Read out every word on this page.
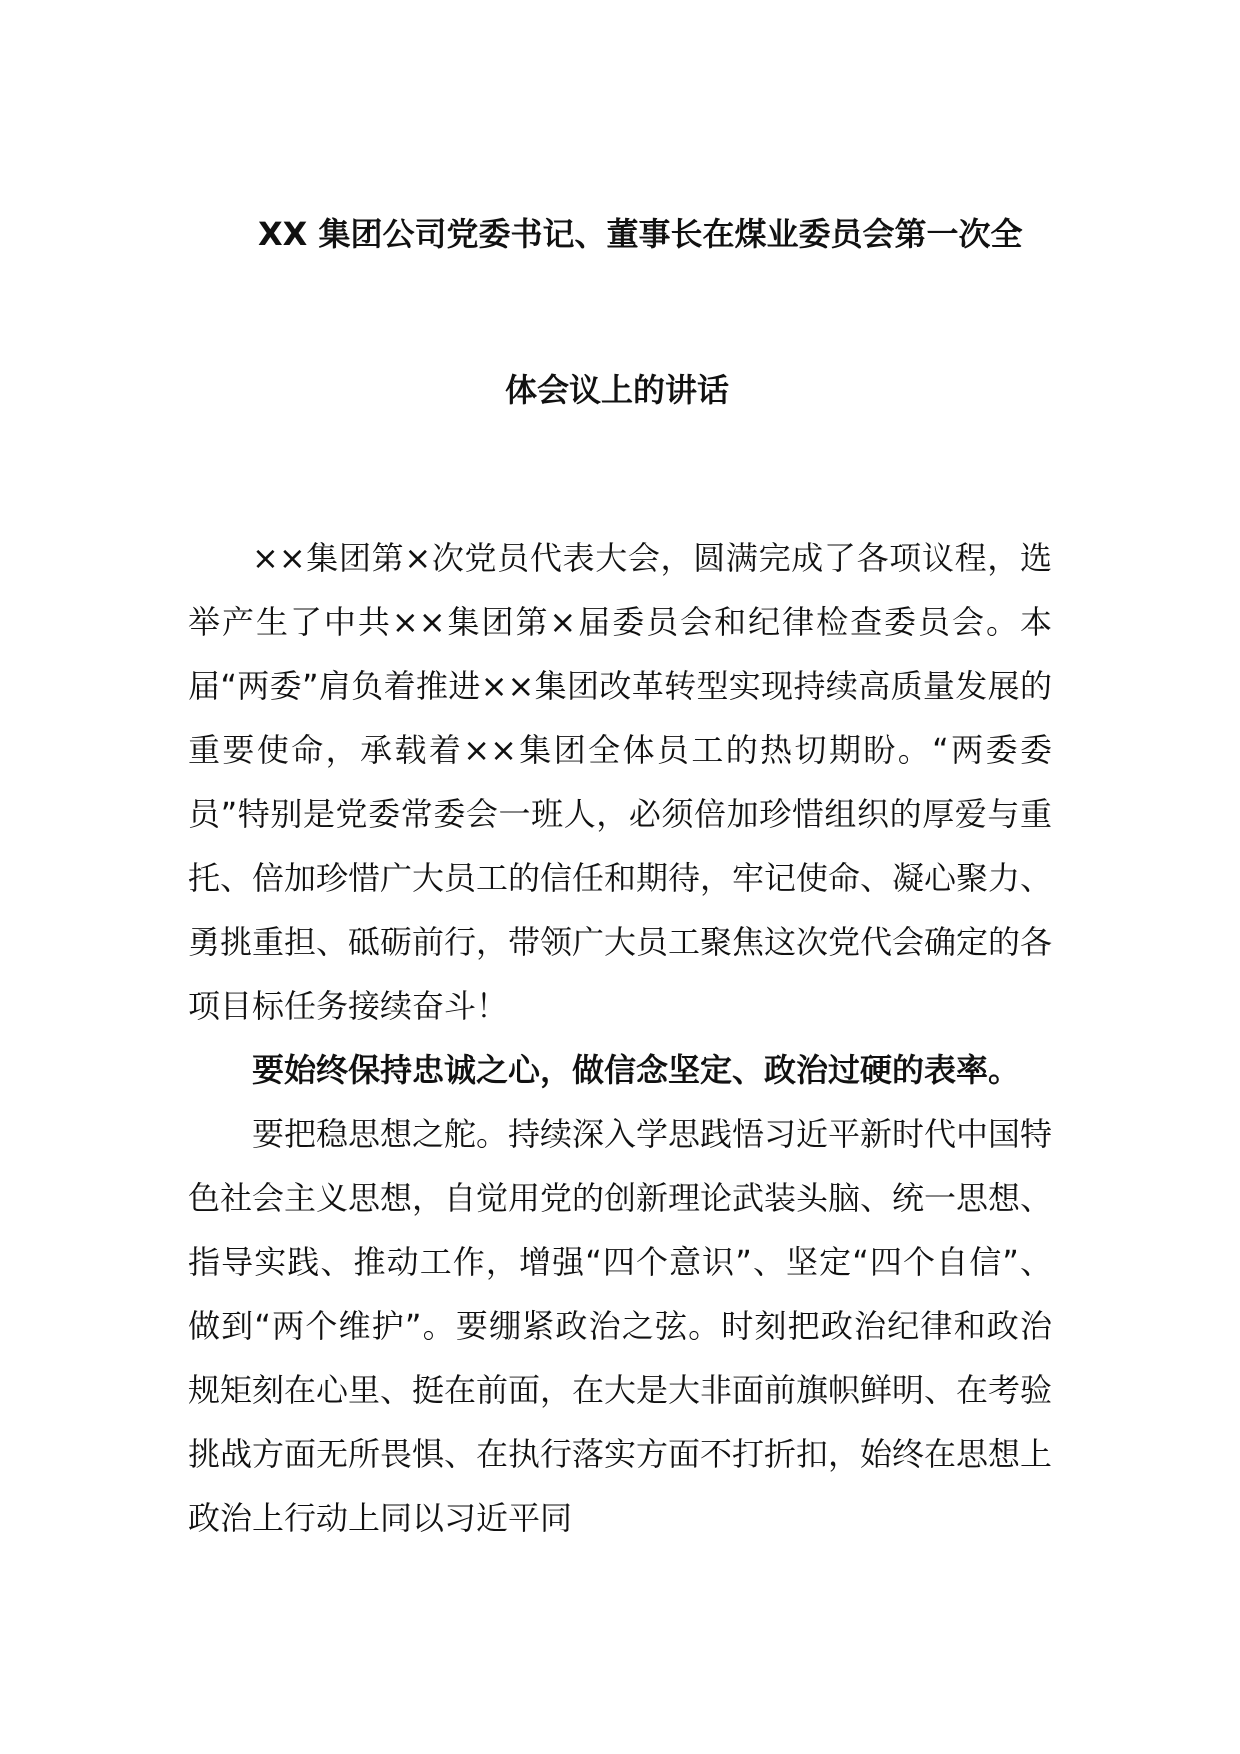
XX 集团公司党委书记、董事长在煤业委员会第一次全
体会议上的讲话

××集团第×次党员代表大会，圆满完成了各项议程，选举产生了中共××集团第×届委员会和纪律检查委员会。本届“两委”肩负着推进××集团改革转型实现持续高质量发展的重要使命，承载着××集团全体员工的热切期盼。“两委委员”特别是党委常委会一班人，必须倍加珍惜组织的厚爱与重托、倍加珍惜广大员工的信任和期待，牢记使命、凝心聚力、勇挑重担、砥砺前行，带领广大员工聚焦这次党代会确定的各项目标任务接续奋斗！

要始终保持忠诚之心，做信念坚定、政治过硬的表率。

要把稳思想之舵。持续深入学思践悟习近平新时代中国特色社会主义思想，自觉用党的创新理论武装头脑、统一思想、指导实践、推动工作，增强“四个意识”、坚定“四个自信”、做到“两个维护”。要绷紧政治之弦。时刻把政治纪律和政治规矩刻在心里、挺在前面，在大是大非面前旗帜鲜明、在考验挑战方面无所畏惧、在执行落实方面不打折扣，始终在思想上政治上行动上同以习近平同
